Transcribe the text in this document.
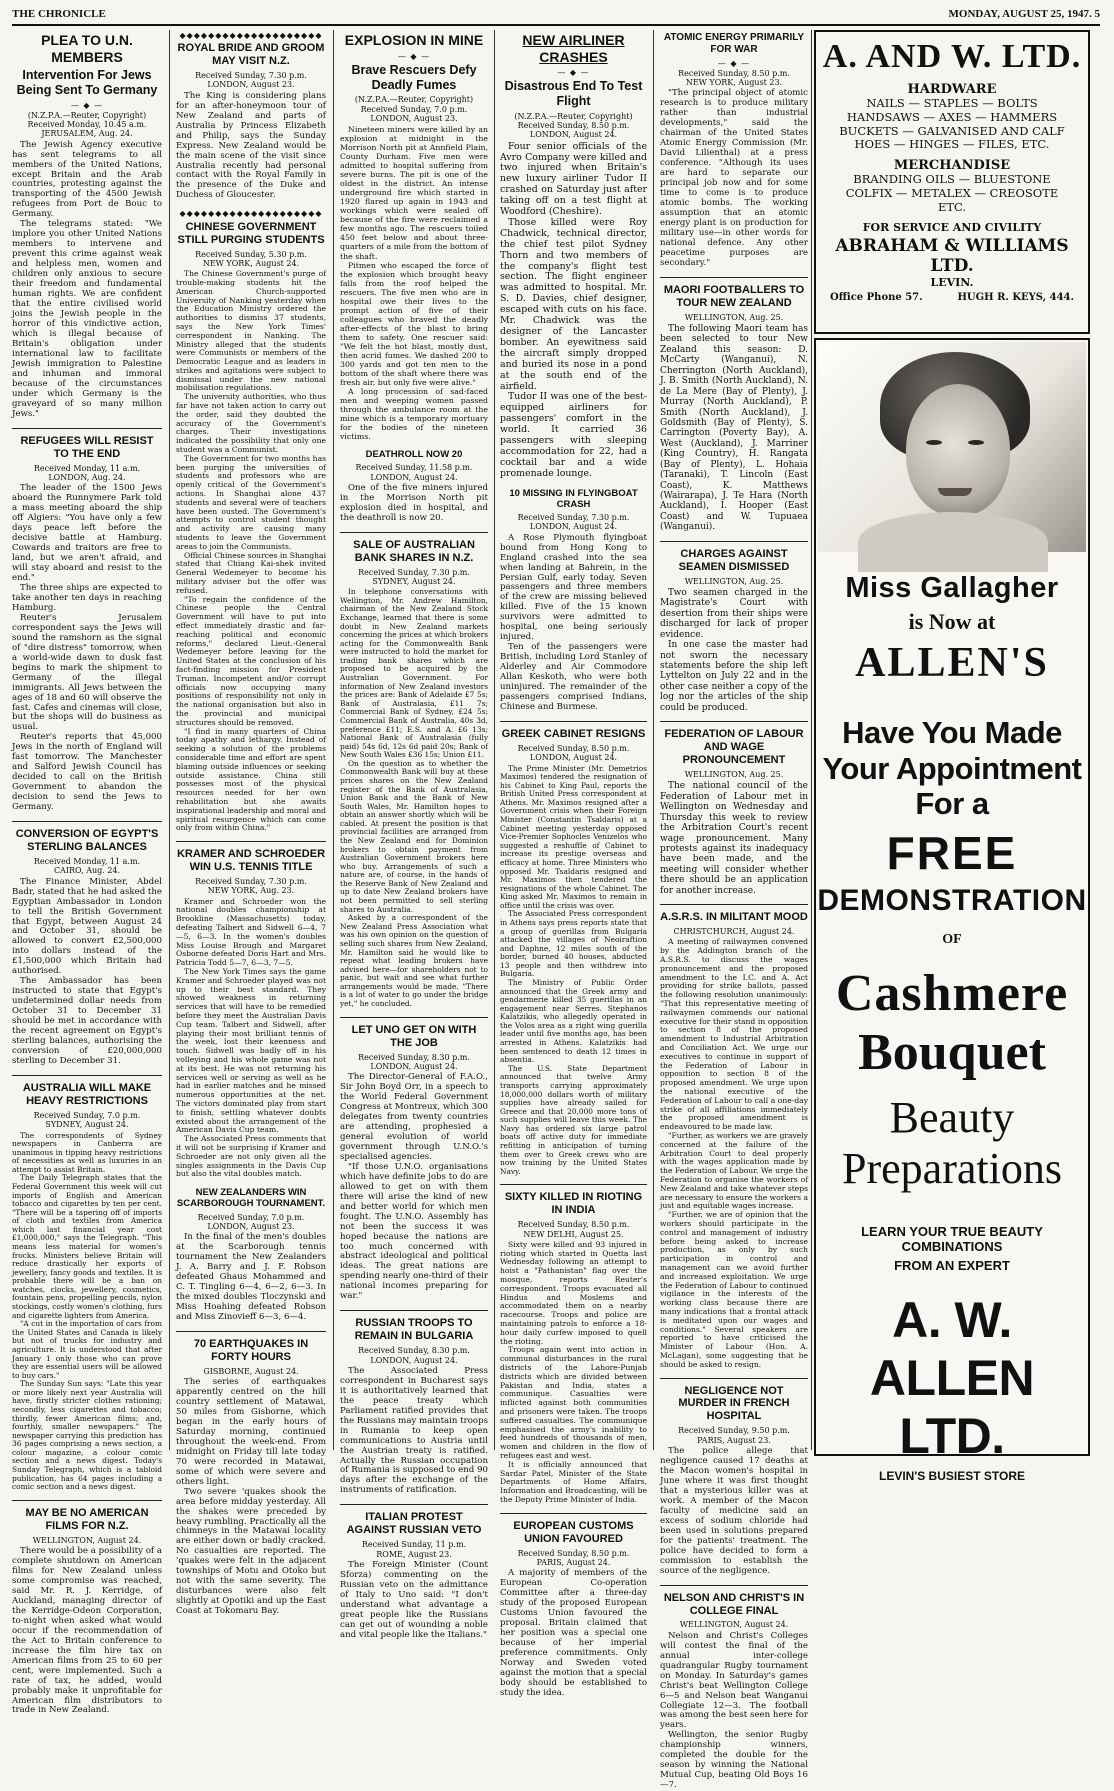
THE CHRONICLE	MONDAY, AUGUST 25, 1947. 5
PLEA TO U.N. MEMBERS
Intervention For Jews Being Sent To Germany
— ◆ —
(N.Z.P.A.—Reuter, Copyright)
Received Monday, 10.45 a.m.
JERUSALEM, Aug. 24.

The Jewish Agency executive has sent telegrams to all members of the United Nations, except Britain and the Arab countries, protesting against the transporting of the 4500 Jewish refugees from Port de Bouc to Germany.

The telegrams stated: "We implore you other United Nations members to intervene and prevent this crime against weak and helpless men, women and children only anxious to secure their freedom and fundamental human rights. We are confident that the entire civilised world joins the Jewish people in the horror of this vindictive action, which is illegal because of Britain's obligation under international law to facilitate Jewish immigration to Palestine and inhuman and immoral because of the circumstances under which Germany is the graveyard of so many million Jews."

REFUGEES WILL RESIST TO THE END
Received Monday, 11 a.m.
LONDON, Aug. 24.

The leader of the 1500 Jews aboard the Runnymere Park told a mass meeting aboard the ship off Algiers: "You have only a few days peace left before the decisive battle at Hamburg. Cowards and traitors are free to land, but we aren't afraid, and will stay aboard and resist to the end."

The three ships are expected to take another ten days in reaching Hamburg.

Reuter's Jerusalem correspondent says the Jews will sound the ramshorn as the signal of "dire distress" tomorrow, when a world-wide dawn to dusk fast begins to mark the shipment to Germany of the illegal immigrants. All Jews between the ages of 18 and 60 will observe the fast. Cafes and cinemas will close, but the shops will do business as usual.

Reuter's reports that 45,000 Jews in the north of England will fast tomorrow. The Manchester and Salford Jewish Council has decided to call on the British Government to abandon the decision to send the Jews to Germany.

CONVERSION OF EGYPT'S STERLING BALANCES
Received Monday, 11 a.m.
CAIRO, Aug. 24.

The Finance Minister, Abdel Badr, stated that he had asked the Egyptian Ambassador in London to tell the British Government that Egypt, between August 24 and October 31, should be allowed to convert £2,500,000 into dollars instead of the £1,500,000 which Britain had authorised.

The Ambassador has been instructed to state that Egypt's undetermined dollar needs from October 31 to December 31 should be met in accordance with the recent agreement on Egypt's sterling balances, authorising the conversion of £20,000,000 sterling to December 31.

AUSTRALIA WILL MAKE HEAVY RESTRICTIONS
Received Sunday, 7.0 p.m.
SYDNEY, August 24.

The correspondents of Sydney newspapers in Canberra are unanimous in tipping heavy restrictions of necessities as well as luxuries in an attempt to assist Britain.

The Daily Telegraph states that the Federal Government this week will cut imports of English and American tobacco and cigarettes by ten per cent. "There will be a tapering off of imports of cloth and textiles from America which last financial year cost £1,000,000," says the Telegraph. "This means less material for women's frocks. Ministers believe Britain will reduce drastically her exports of jewellery, fancy goods and textiles. It is probable there will be a ban on watches, clocks, jewellery, cosmetics, fountain pens, propelling pencils, nylon stockings, costly women's clothing, furs and cigarette lighters from America.

"A cut in the importation of cars from the United States and Canada is likely but not of trucks for industry and agriculture. It is understood that after January 1 only those who can prove they are essential users will be allowed to buy cars."

The Sunday Sun says: "Late this year or more likely next year Australia will have, firstly stricter clothes rationing; secondly, less cigarettes and tobacco; thirdly, fewer American films; and, fourthly, smaller newspapers." The newspaper carrying this prediction has 36 pages comprising a news section, a colour magazine, a colour comic section and a news digest. Today's Sunday Telegraph, which is a tabloid publication, has 64 pages including a comic section and a news digest.

MAY BE NO AMERICAN FILMS FOR N.Z.
WELLINGTON, August 24.

There would be a possibility of a complete shutdown on American films for New Zealand unless some compromise was reached, said Mr. R. J. Kerridge, of Auckland, managing director of the Kerridge-Odeon Corporation, to-night when asked what would occur if the recommendation of the Act to Britain conference to increase the film hire tax on American films from 25 to 60 per cent, were implemented. Such a rate of tax, he added, would probably make it unprofitable for American film distributors to trade in New Zealand.

◆◆◆◆◆◆◆◆◆◆◆◆◆◆◆◆◆◆◆◆
ROYAL BRIDE AND GROOM MAY VISIT N.Z.
Received Sunday, 7.30 p.m.
LONDON, August 23.

The King is considering plans for an after-honeymoon tour of New Zealand and parts of Australia by Princess Elizabeth and Philip, says the Sunday Express. New Zealand would be the main scene of the visit since Australia recently had personal contact with the Royal Family in the presence of the Duke and Duchess of Gloucester.

◆◆◆◆◆◆◆◆◆◆◆◆◆◆◆◆◆◆◆◆
CHINESE GOVERNMENT STILL PURGING STUDENTS
Received Sunday, 5.30 p.m.
NEW YORK, August 24.

The Chinese Government's purge of trouble-making students hit the American Church-supported University of Nanking yesterday when the Education Ministry ordered the authorities to dismiss 37 students, says the New York Times' correspondent in Nanking. The Ministry alleged that the students were Communists or members of the Democratic League and as leaders in strikes and agitations were subject to dismissal under the new national mobilisation regulations.

The university authorities, who thus far have not taken action to carry out the order, said they doubted the accuracy of the Government's charges. Their investigations indicated the possibility that only one student was a Communist.

The Government for two months has been purging the universities of students and professors who are openly critical of the Government's actions. In Shanghai alone 437 students and several were of teachers have been ousted. The Government's attempts to control student thought and activity are causing many students to leave the Government areas to join the Communists.

Official Chinese sources in Shanghai stated that Chiang Kai-shek invited General Wedemeyer to become his military adviser but the offer was refused.

"To regain the confidence of the Chinese people the Central Government will have to put into effect immediately drastic and far-reaching political and economic reforms," declared Lieut.-General Wedemeyer before leaving for the United States at the conclusion of his fact-finding mission for President Truman. Incompetent and/or corrupt officials now occupying many positions of responsibility not only in the national organisation but also in the provincial and municipal structures should be removed.

"I find in many quarters of China today apathy and lethargy. Instead of seeking a solution of the problems considerable time and effort are spent blaming outside influences or seeking outside assistance. China still possesses most of the physical resources needed for her own rehabilitation but she awaits inspirational leadership and moral and spiritual resurgence which can come only from within China."

KRAMER AND SCHROEDER WIN U.S. TENNIS TITLE
Received Sunday, 7.30 p.m.
NEW YORK, Aug. 23.

Kramer and Schroeder won the national doubles championship at Brookline (Massachusetts) today, defeating Talbert and Sidwell 6—4, 7—5, 6—3. In the women's doubles Miss Louise Brough and Margaret Osborne defeated Doris Hart and Mrs. Patricia Todd 5—7, 6—3, 7—5.

The New York Times says the game Kramer and Schroeder played was not up to their best standard. They showed weakness in returning services that will have to be remedied before they meet the Australian Davis Cup team. Talbert and Sidwell, after playing their most brilliant tennis of the week, lost their keenness and touch. Sidwell was badly off in his volleying and his whole game was not at its best. He was not returning his services well or serving as well as he had in earlier matches and he missed numerous opportunities at the net. The victors dominated play from start to finish, settling whatever doubts existed about the arrangement of the American Davis Cup team.

The Associated Press comments that it will not be surprising if Kramer and Schroeder are not only given all the singles assignments in the Davis Cup but also the vital doubles match.

NEW ZEALANDERS WIN SCARBOROUGH TOURNAMENT.
Received Sunday, 7.0 p.m.
LONDON, August 23.

In the final of the men's doubles at the Scarborough tennis tournament the New Zealanders J. A. Barry and J. F. Robson defeated Ghaus Mohammed and C. T. Tingling 6—4, 6—2, 6—3. In the mixed doubles Tloczynski and Miss Hoahing defeated Robson and Miss Zinovieff 6—3, 6—4.

70 EARTHQUAKES IN FORTY HOURS
GISBORNE, August 24.

The series of earthquakes apparently centred on the hill country settlement of Matawai, 50 miles from Gisborne, which began in the early hours of Saturday morning, continued throughout the week-end. From midnight on Friday till late today 70 were recorded in Matawai, some of which were severe and others light.

Two severe 'quakes shook the area before midday yesterday. All the shakes were preceded by heavy rumbling. Practically all the chimneys in the Matawai locality are either down or badly cracked. No casualties are reported. The 'quakes were felt in the adjacent townships of Motu and Otoko but not with the same severity. The disturbances were also felt slightly at Opotiki and up the East Coast at Tokomaru Bay.

EXPLOSION IN MINE
— ◆ —
Brave Rescuers Defy Deadly Fumes
(N.Z.P.A.—Reuter, Copyright)
Received Sunday, 7.0 p.m.
LONDON, August 23.

Nineteen miners were killed by an explosion at midnight in the Morrison North pit at Annfield Plain, County Durham. Five men were admitted to hospital suffering from severe burns. The pit is one of the oldest in the district. An intense underground fire which started in 1920 flared up again in 1943 and workings which were sealed off because of the fire were reclaimed a few months ago. The rescuers toiled 450 feet below and about three-quarters of a mile from the bottom of the shaft.

Pitmen who escaped the force of the explosion which brought heavy falls from the roof helped the rescuers. The five men who are in hospital owe their lives to the prompt action of five of their colleagues who braved the deadly after-effects of the blast to bring them to safety. One rescuer said: "We felt the hot blast, mostly dust, then acrid fumes. We dashed 200 to 300 yards and got ten men to the bottom of the shaft where there was fresh air, but only five were alive."

A long procession of sad-faced men and weeping women passed through the ambulance room at the mine which is a temporary mortuary for the bodies of the nineteen victims.

DEATHROLL NOW 20
Received Sunday, 11.58 p.m.
LONDON, August 24.

One of the five miners injured in the Morrison North pit explosion died in hospital, and the deathroll is now 20.

SALE OF AUSTRALIAN BANK SHARES IN N.Z.
Received Sunday, 7.30 p.m.
SYDNEY, August 24.

In telephone conversations with Wellington, Mr. Andrew Hamilton, chairman of the New Zealand Stock Exchange, learned that there is some doubt in New Zealand markets concerning the prices at which brokers acting for the Commonwealth Bank were instructed to hold the market for trading bank shares which are proposed to be acquired by the Australian Government. For information of New Zealand investors the prices are: Bank of Adelaide £7 5s; Bank of Australasia, £11 7s; Commercial Bank of Sydney, £24 5s; Commercial Bank of Australia, 40s 3d, preference £11; E.S. and A. £6 13s; National Bank of Australasia (fully paid) 54s 6d, 12s 6d paid 20s; Bank of New South Wales £36 15s; Union £11.

On the question as to whether the Commonwealth Bank will buy at these prices shares on the New Zealand register of the Bank of Australasia, Union Bank and the Bank of New South Wales, Mr. Hamilton hopes to obtain an answer shortly which will be cabled. At present the position is that provincial facilities are arranged from the New Zealand end for Dominion brokers to obtain payment from Australian Government brokers here who buy. Arrangements of such a nature are, of course, in the hands of the Reserve Bank of New Zealand and up to date New Zealand brokers have not been permitted to sell sterling shares to Australia.

Asked by a correspondent of the New Zealand Press Association what was his own opinion on the question of selling such shares from New Zealand, Mr. Hamilton said he would like to repeat what leading brokers have advised here—for shareholders not to panic, but wait and see what further arrangements would be made. "There is a lot of water to go under the bridge yet," he concluded.

LET UNO GET ON WITH THE JOB
Received Sunday, 8.30 p.m.
LONDON, August 24.

The Director-General of F.A.O., Sir John Boyd Orr, in a speech to the World Federal Government Congress at Montreux, which 300 delegates from twenty countries are attending, prophesied a general evolution of world government through U.N.O.'s specialised agencies.

"If those U.N.O. organisations which have definite jobs to do are allowed to get on with them there will arise the kind of new and better world for which men fought. The U.N.O. Assembly has not been the success it was hoped because the nations are too much concerned with abstract ideological and political ideas. The great nations are spending nearly one-third of their national incomes preparing for war."

RUSSIAN TROOPS TO REMAIN IN BULGARIA
Received Sunday, 8.30 p.m.
LONDON, August 24.

The Associated Press correspondent in Bucharest says it is authoritatively learned that the peace treaty which Parliament ratified provides that the Russians may maintain troops in Rumania to keep open communications to Austria until the Austrian treaty is ratified. Actually the Russian occupation of Rumania is supposed to end 90 days after the exchange of the instruments of ratification.

ITALIAN PROTEST AGAINST RUSSIAN VETO
Received Sunday, 11 p.m.
ROME, August 23.

The Foreign Minister (Count Sforza) commenting on the Russian veto on the admittance of Italy to Uno said: "I don't understand what advantage a great people like the Russians can get out of wounding a noble and vital people like the Italians."

NEW AIRLINER CRASHES
— ◆ —
Disastrous End To Test Flight
(N.Z.P.A.—Reuter, Copyright)
Received Sunday, 8.50 p.m.
LONDON, August 24.

Four senior officials of the Avro Company were killed and two injured when Britain's new luxury airliner Tudor II crashed on Saturday just after taking off on a test flight at Woodford (Cheshire).

Those killed were Roy Chadwick, technical director, the chief test pilot Sydney Thorn and two members of the company's flight test section. The flight engineer was admitted to hospital. Mr. S. D. Davies, chief designer, escaped with cuts on his face. Mr. Chadwick was the designer of the Lancaster bomber. An eyewitness said the aircraft simply dropped and buried its nose in a pond at the south end of the airfield.

Tudor II was one of the best-equipped airliners for passengers' comfort in the world. It carried 36 passengers with sleeping accommodation for 22, had a cocktail bar and a wide promenade lounge.

10 MISSING IN FLYINGBOAT CRASH
Received Sunday, 7.30 p.m.
LONDON, August 24.

A Rose Plymouth flyingboat bound from Hong Kong to England crashed into the sea when landing at Bahrein, in the Persian Gulf, early today. Seven passengers and three members of the crew are missing believed killed. Five of the 15 known survivors were admitted to hospital, one being seriously injured.

Ten of the passengers were British, including Lord Stanley of Alderley and Air Commodore Allan Keskoth, who were both uninjured. The remainder of the passengers comprised Indians, Chinese and Burmese.

GREEK CABINET RESIGNS
Received Sunday, 8.50 p.m.
LONDON, August 24.

The Prime Minister (Mr. Demetrios Maximos) tendered the resignation of his Cabinet to King Paul, reports the British United Press correspondent at Athens. Mr. Maximos resigned after a Government crisis when their Foreign Minister (Constantin Tsaldaris) at a Cabinet meeting yesterday opposed Vice-Premier Sophocles Venizelos who suggested a reshuffle of Cabinet to increase its prestige overseas and efficacy at home. Three Ministers who opposed Mr. Tsaldaris resigned and Mr. Maximos then tendered the resignations of the whole Cabinet. The King asked Mr. Maximos to remain in office until the crisis was over.

The Associated Press correspondent in Athens says press reports state that a group of guerillas from Bulgaria attacked the villages of Neoiraftion and Daphne, 12 miles south of the border, burned 40 houses, abducted 13 people and then withdrew into Bulgaria.

The Ministry of Public Order announced that the Greek army and gendarmerie killed 35 guerillas in an engagement near Serres. Stephanos Kalatzikis, who allegedly operated in the Volos area as a right wing guerilla leader until five months ago, has been arrested in Athens. Kalatzikis had been sentenced to death 12 times in absentia.

The U.S. State Department announced that twelve Army transports carrying approximately 18,000,000 dollars worth of military supplies have already sailed for Greece and that 20,000 more tons of such supplies will leave this week. The Navy has ordered six large patrol boats off active duty for immediate refitting in anticipation of turning them over to Greek crews who are now training by the United States Navy.

SIXTY KILLED IN RIOTING IN INDIA
Received Sunday, 8.50 p.m.
NEW DELHI, August 25.

Sixty were killed and 93 injured in rioting which started in Quetta last Wednesday following an attempt to hoist a "Pathanistan" flag over the mosque, reports Reuter's correspondent. Troops evacuated all Hindus and Moslems and accommodated them on a nearby racecourse. Troops and police are maintaining patrols to enforce a 18-hour daily curfew imposed to quell the rioting.

Troops again went into action in communal disturbances in the rural districts of the Lahore-Punjab districts which are divided between Pakistan and India, states a communique. Casualties were inflicted against both communities and prisoners were taken. The troops suffered casualties. The communique emphasised the army's inability to feed hundreds of thousands of men, women and children in the flow of refugees east and west.

It is officially announced that Sardar Patel, Minister of the State Departments of Home Affairs, Information and Broadcasting, will be the Deputy Prime Minister of India.

EUROPEAN CUSTOMS UNION FAVOURED
Received Sunday, 8.50 p.m.
PARIS, August 24.

A majority of members of the European Co-operation Committee after a three-day study of the proposed European Customs Union favoured the proposal. Britain claimed that her position was a special one because of her imperial preference commitments. Only Norway and Sweden voted against the motion that a special body should be established to study the idea.

ATOMIC ENERGY PRIMARILY FOR WAR
— ◆ —
Received Sunday, 8.50 p.m.
NEW YORK, August 23.

"The principal object of atomic research is to produce military rather than industrial developments," said the chairman of the United States Atomic Energy Commission (Mr. David Lilienthal) at a press conference. "Although its uses are hard to separate our principal job now and for some time to come is to produce atomic bombs. The working assumption that an atomic energy plant is on production for military use—in other words for national defence. Any other peacetime purposes are secondary."

MAORI FOOTBALLERS TO TOUR NEW ZEALAND
WELLINGTON, Aug. 25.

The following Maori team has been selected to tour New Zealand this season: D. McCarty (Wanganui), N. Cherrington (North Auckland), J. B. Smith (North Auckland), N. de La Mere (Bay of Plenty), J. Murray (North Auckland), P. Smith (North Auckland), J. Goldsmith (Bay of Plenty), S. Carrington (Poverty Bay), A. West (Auckland), J. Marriner (King Country), H. Rangata (Bay of Plenty), L. Hohaia (Taranaki), T. Lincoln (East Coast), K. Matthews (Wairarapa), J. Te Hara (North Auckland), I. Hooper (East Coast) and W. Tupuaea (Wanganui).

CHARGES AGAINST SEAMEN DISMISSED
WELLINGTON, Aug. 25.

Two seamen charged in the Magistrate's Court with desertion from their ships were discharged for lack of proper evidence.

In one case the master had not sworn the necessary statements before the ship left Lyttelton on July 22 and in the other case neither a copy of the log nor the articles of the ship could be produced.

FEDERATION OF LABOUR AND WAGE PRONOUNCEMENT
WELLINGTON, Aug. 25.

The national council of the Federation of Labour met in Wellington on Wednesday and Thursday this week to review the Arbitration Court's recent wage pronouncement. Many protests against its inadequacy have been made, and the meeting will consider whether there should be an application for another increase.

A.S.R.S. IN MILITANT MOOD
CHRISTCHURCH, August 24.

A meeting of railwaymen convened by the Addington branch of the A.S.R.S. to discuss the wages pronouncement and the proposed amendment to the I.C. and A. Act providing for strike ballots, passed the following resolution unanimously: "That this representative meeting of railwaymen commends our national executive for their stand in opposition to section 8 of the proposed amendment to Industrial Arbitration and Conciliation Act. We urge our executives to continue in support of the Federation of Labour in opposition to section 8 of the proposed amendment. We urge upon the national executive of the Federation of Labour to call a one-day strike of all affiliations immediately the proposed amendment is endeavoured to be made law.

"Further, as workers we are gravely concerned at the failure of the Arbitration Court to deal properly with the wages application made by the Federation of Labour. We urge the Federation to organise the workers of New Zealand and take whatever steps are necessary to ensure the workers a just and equitable wages increase.

"Further, we are of opinion that the workers should participate in the control and management of industry before being asked to increase production, as only by such participation in control and management can we avoid further and increased exploitation. We urge the Federation of Labour to continued vigilance in the interests of the working class because there are many indications that a frontal attack is meditated upon our wages and conditions." Several speakers are reported to have criticised the Minister of Labour (Hon. A. McLagan), some suggesting that he should be asked to resign.

NEGLIGENCE NOT MURDER IN FRENCH HOSPITAL
Received Sunday, 9.50 p.m.
PARIS, August 23.

The police allege that negligence caused 17 deaths at the Macon women's hospital in June where it was first thought that a mysterious killer was at work. A member of the Macon faculty of medicine said an excess of sodium chloride had been used in solutions prepared for the patients' treatment. The police have decided to form a commission to establish the source of the negligence.

NELSON AND CHRIST'S IN COLLEGE FINAL
WELLINGTON, August 24.

Nelson and Christ's Colleges will contest the final of the annual inter-college quadrangular Rugby tournament on Monday. In Saturday's games Christ's beat Wellington College 6—5 and Nelson beat Wanganui Collegiate 12—3. The football was among the best seen here for years.

Wellington, the senior Rugby championship winners, completed the double for the season by winning the National Mutual Cup, beating Old Boys 16—7.

A. AND W. LTD.
HARDWARE
NAILS — STAPLES — BOLTS
HANDSAWS — AXES — HAMMERS
BUCKETS — GALVANISED AND CALF
HOES — HINGES — FILES, ETC.
MERCHANDISE
BRANDING OILS — BLUESTONE
COLFIX — METALEX — CREOSOTE
ETC.
FOR SERVICE AND CIVILITY
ABRAHAM & WILLIAMS LTD.
LEVIN.
Office Phone 57.	HUGH R. KEYS, 444.
Miss Gallagher
is Now at
ALLEN'S
Have You Made Your Appointment For a
FREE
DEMONSTRATION
OF
Cashmere
Bouquet
Beauty
Preparations
LEARN YOUR TRUE BEAUTY COMBINATIONS
FROM AN EXPERT
A. W. ALLEN LTD.
LEVIN'S BUSIEST STORE
